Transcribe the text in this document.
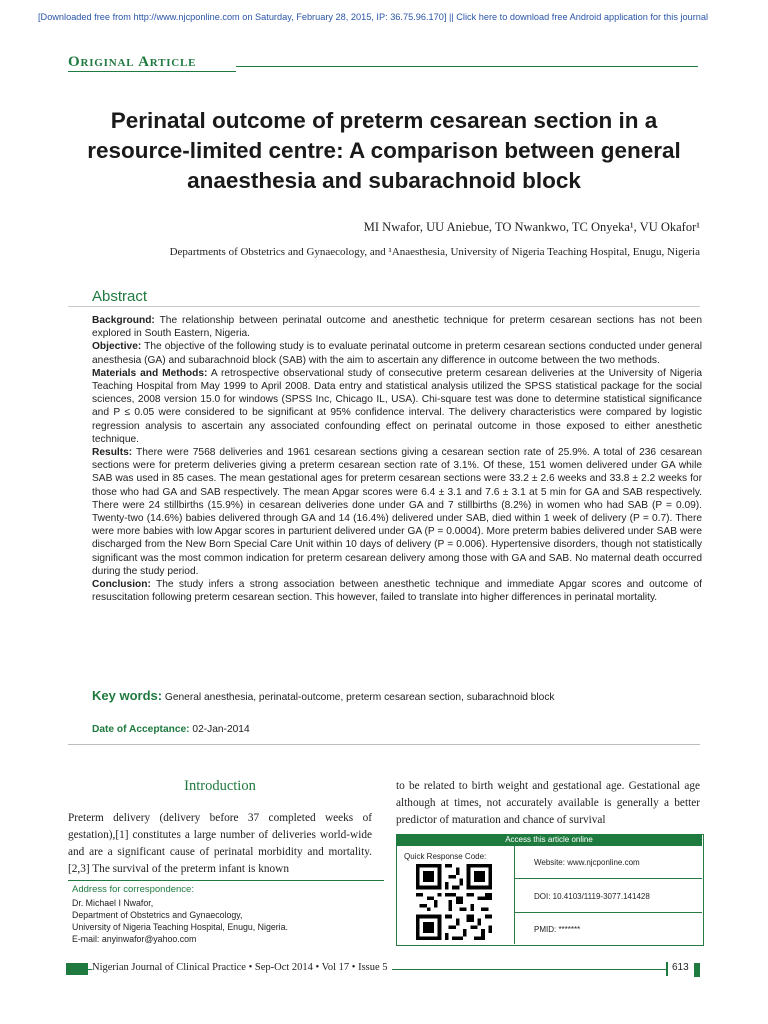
[Downloaded free from http://www.njcponline.com on Saturday, February 28, 2015, IP: 36.75.96.170] || Click here to download free Android application for this journal
Original Article
Perinatal outcome of preterm cesarean section in a resource-limited centre: A comparison between general anaesthesia and subarachnoid block
MI Nwafor, UU Aniebue, TO Nwankwo, TC Onyeka¹, VU Okafor¹
Departments of Obstetrics and Gynaecology, and ¹Anaesthesia, University of Nigeria Teaching Hospital, Enugu, Nigeria
Abstract

Background: The relationship between perinatal outcome and anesthetic technique for preterm cesarean sections has not been explored in South Eastern, Nigeria.

Objective: The objective of the following study is to evaluate perinatal outcome in preterm cesarean sections conducted under general anesthesia (GA) and subarachnoid block (SAB) with the aim to ascertain any difference in outcome between the two methods.

Materials and Methods: A retrospective observational study of consecutive preterm cesarean deliveries at the University of Nigeria Teaching Hospital from May 1999 to April 2008. Data entry and statistical analysis utilized the SPSS statistical package for the social sciences, 2008 version 15.0 for windows (SPSS Inc, Chicago IL, USA). Chi-square test was done to determine statistical significance and P ≤ 0.05 were considered to be significant at 95% confidence interval. The delivery characteristics were compared by logistic regression analysis to ascertain any associated confounding effect on perinatal outcome in those exposed to either anesthetic technique.

Results: There were 7568 deliveries and 1961 cesarean sections giving a cesarean section rate of 25.9%. A total of 236 cesarean sections were for preterm deliveries giving a preterm cesarean section rate of 3.1%. Of these, 151 women delivered under GA while SAB was used in 85 cases. The mean gestational ages for preterm cesarean sections were 33.2 ± 2.6 weeks and 33.8 ± 2.2 weeks for those who had GA and SAB respectively. The mean Apgar scores were 6.4 ± 3.1 and 7.6 ± 3.1 at 5 min for GA and SAB respectively. There were 24 stillbirths (15.9%) in cesarean deliveries done under GA and 7 stillbirths (8.2%) in women who had SAB (P = 0.09). Twenty-two (14.6%) babies delivered through GA and 14 (16.4%) delivered under SAB, died within 1 week of delivery (P = 0.7). There were more babies with low Apgar scores in parturient delivered under GA (P = 0.0004). More preterm babies delivered under SAB were discharged from the New Born Special Care Unit within 10 days of delivery (P = 0.006). Hypertensive disorders, though not statistically significant was the most common indication for preterm cesarean delivery among those with GA and SAB. No maternal death occurred during the study period.

Conclusion: The study infers a strong association between anesthetic technique and immediate Apgar scores and outcome of resuscitation following preterm cesarean section. This however, failed to translate into higher differences in perinatal mortality.

Key words: General anesthesia, perinatal-outcome, preterm cesarean section, subarachnoid block
Date of Acceptance: 02-Jan-2014
Introduction
Preterm delivery (delivery before 37 completed weeks of gestation),[1] constitutes a large number of deliveries world-wide and are a significant cause of perinatal morbidity and mortality.[2,3] The survival of the preterm infant is known
to be related to birth weight and gestational age. Gestational age although at times, not accurately available is generally a better predictor of maturation and chance of survival
Access this article online
Quick Response Code:
Website: www.njcponline.com
DOI: 10.4103/1119-3077.141428
PMID: *******
Address for correspondence:
Dr. Michael I Nwafor,
Department of Obstetrics and Gynaecology,
University of Nigeria Teaching Hospital, Enugu, Nigeria.
E-mail: anyinwafor@yahoo.com
Nigerian Journal of Clinical Practice • Sep-Oct 2014 • Vol 17 • Issue 5	613
